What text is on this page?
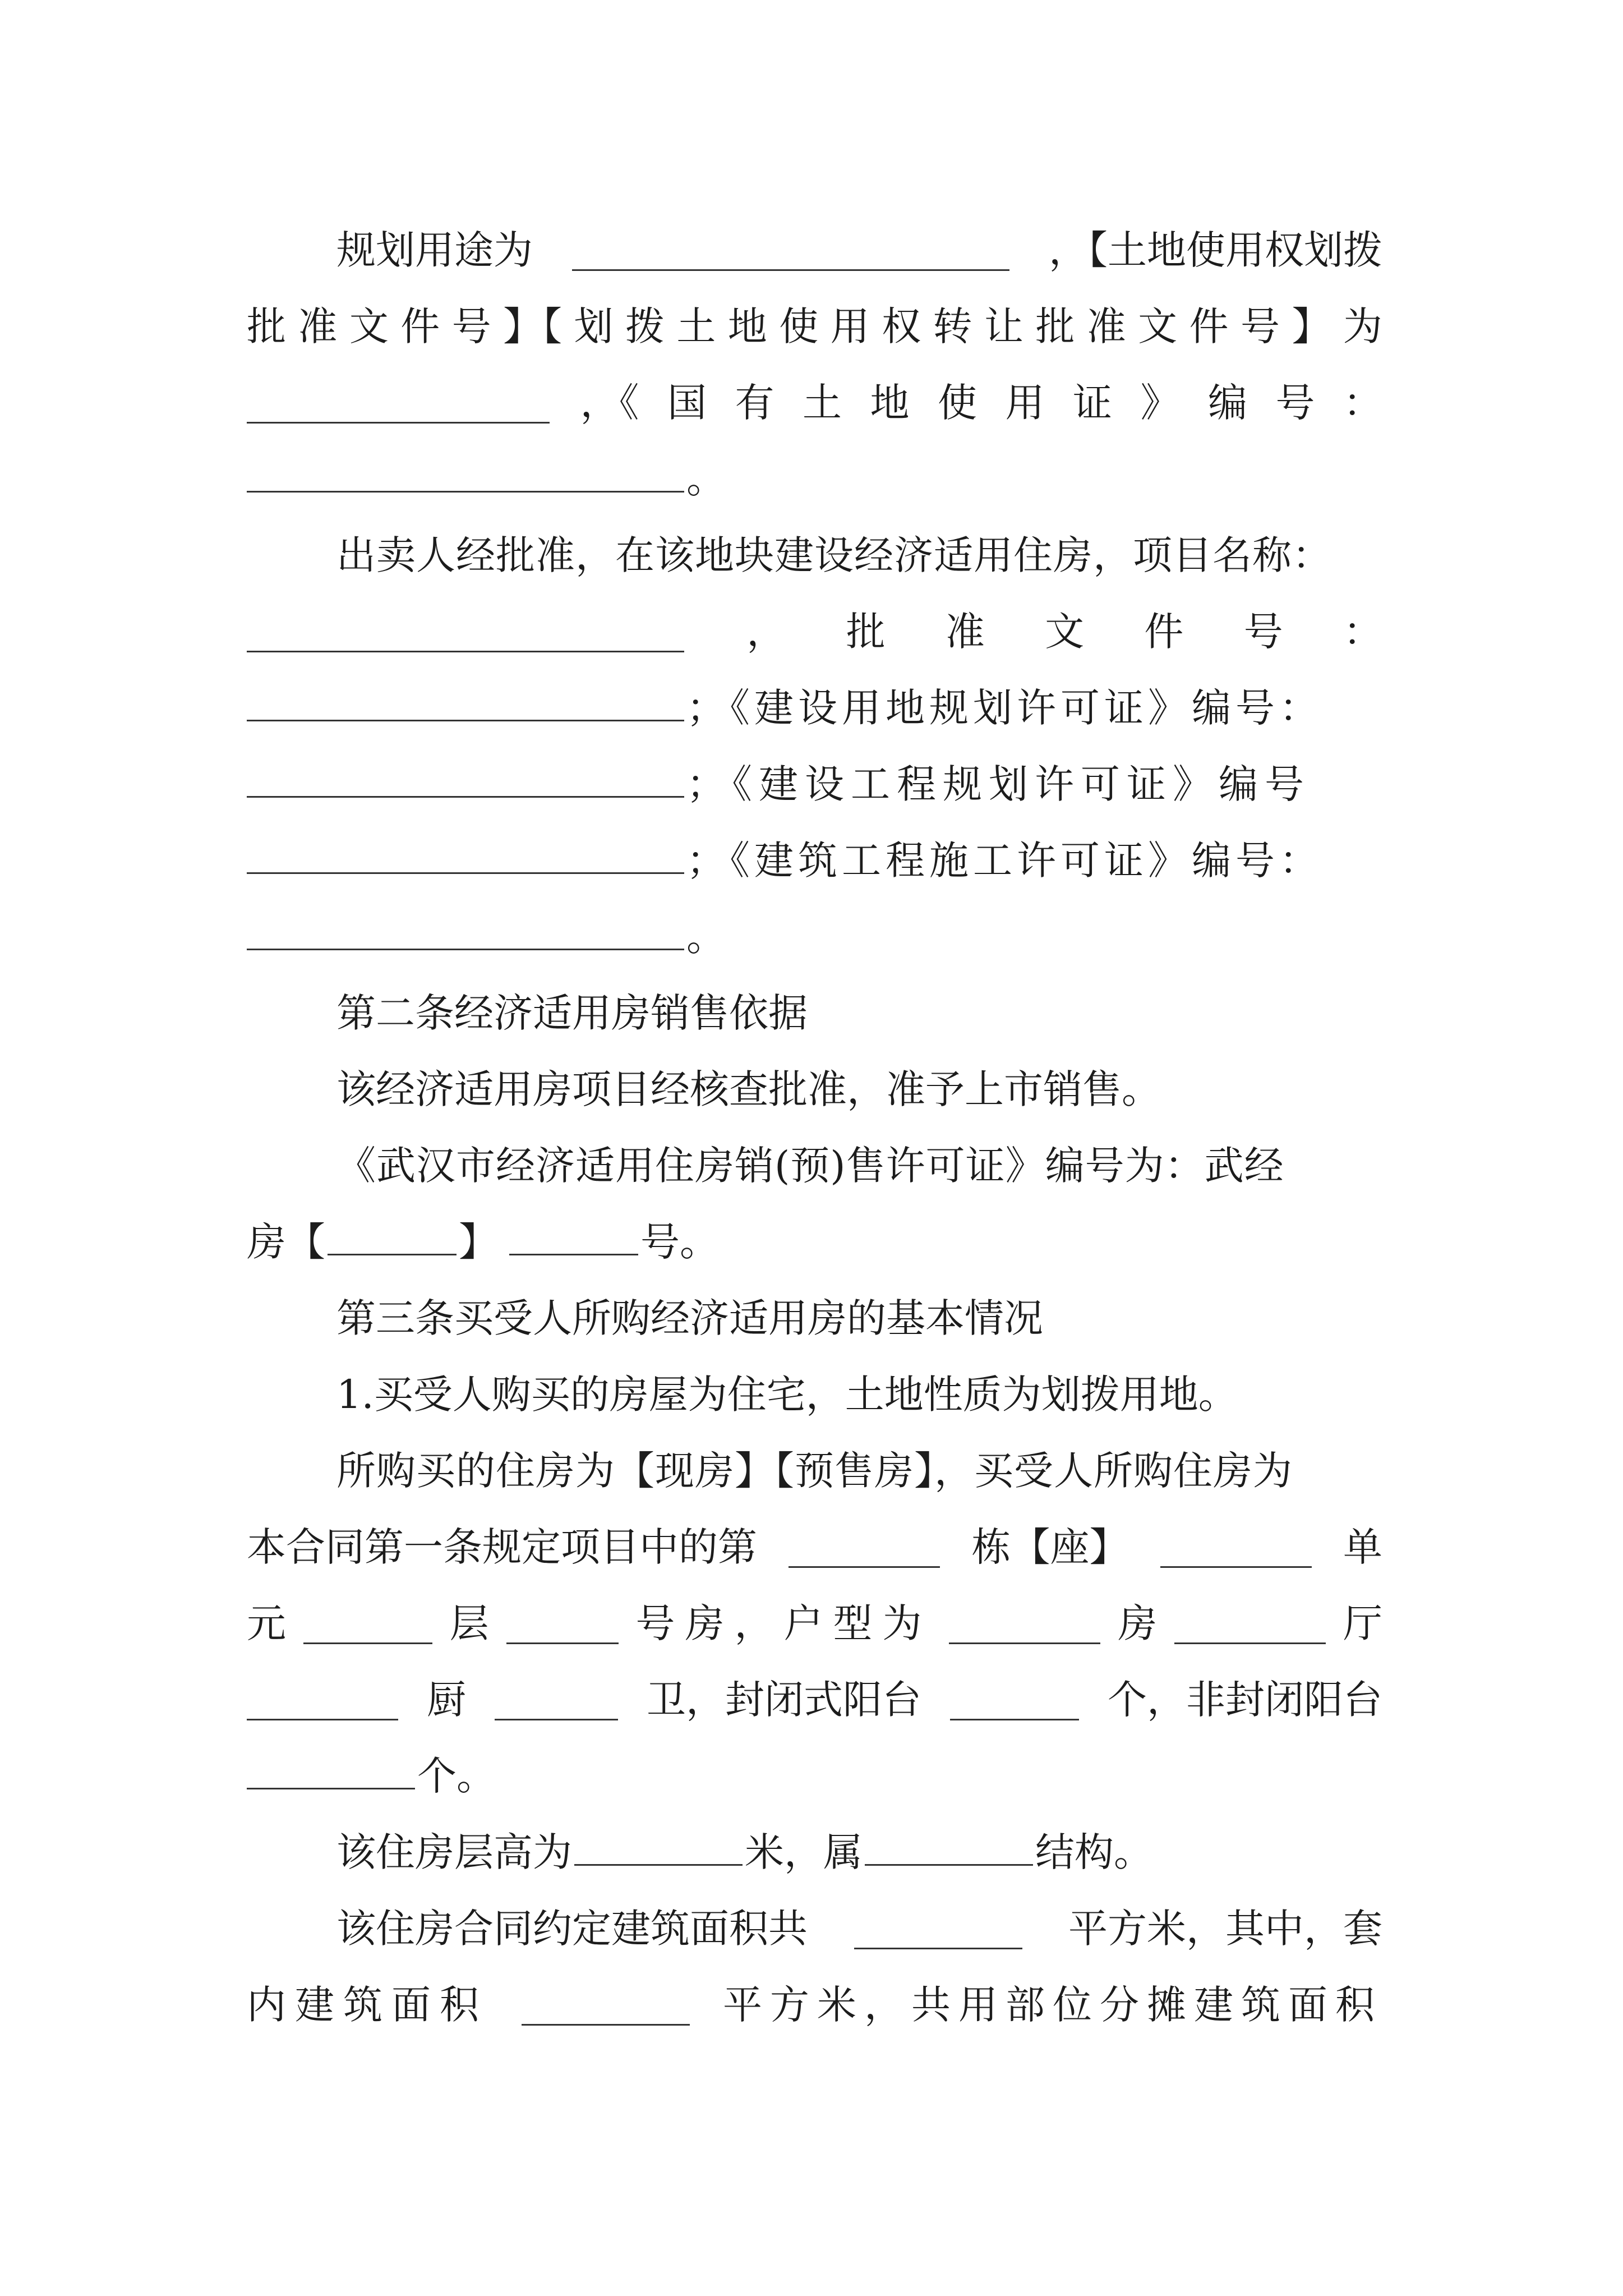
规划用途为	，【土地使用权划拨
批 准 文 件 号 】【 划 拨 土 地 使 用 权 转 让 批 准 文 件 号 】 为
，《 国 有 土 地 使 用 证 》 编 号 ：
。
出卖人经批准，在该地块建设经济适用住房，项目名称：
， 批 准 文 件 号 ：
；《建设用地规划许可证》编号：
；《建设工程规划许可证》编号
；《建筑工程施工许可证》编号：
。
第二条经济适用房销售依据
该经济适用房项目经核查批准，准予上市销售。
《武汉市经济适用住房销(预)售许可证》编号为：武经
房【	】	号。
第三条买受人所购经济适用房的基本情况
1.买受人购买的房屋为住宅，土地性质为划拨用地。
所购买的住房为【现房】【预售房】，买受人所购住房为
本合同第一条规定项目中的第	栋【座】	单
元	层	号房，户型为	房	厅
厨	卫，封闭式阳台	个，非封闭阳台
个。
该住房层高为	米，属	结构。
该住房合同约定建筑面积共	平方米，其中，套
内建筑面积	平方米，共用部位分摊建筑面积
